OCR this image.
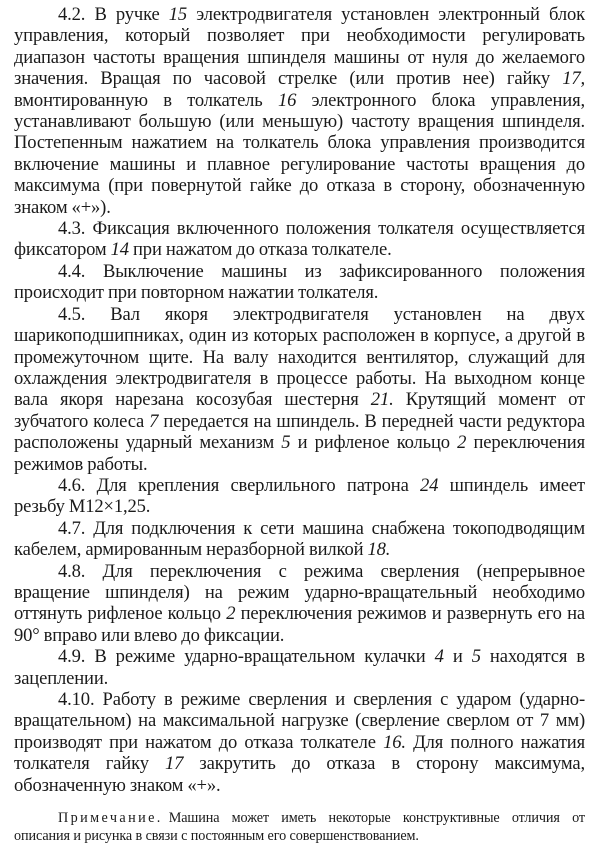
4.2. В ручке 15 электродвигателя установлен электронный блок управления, который позволяет при необходимости регулировать диапазон частоты вращения шпинделя машины от нуля до желаемого значения. Вращая по часовой стрелке (или против нее) гайку 17, вмонтированную в толкатель 16 электронного блока управления, устанавливают большую (или меньшую) частоту вращения шпинделя. Постепенным нажатием на толкатель блока управления производится включение машины и плавное регулирование частоты вращения до максимума (при повернутой гайке до отказа в сторону, обозначенную знаком «+»).

4.3. Фиксация включенного положения толкателя осуществляется фиксатором 14 при нажатом до отказа толкателе.

4.4. Выключение машины из зафиксированного положения происходит при повторном нажатии толкателя.

4.5. Вал якоря электродвигателя установлен на двух шарикоподшипниках, один из которых расположен в корпусе, а другой в промежуточном щите. На валу находится вентилятор, служащий для охлаждения электродвигателя в процессе работы. На выходном конце вала якоря нарезана косозубая шестерня 21. Крутящий момент от зубчатого колеса 7 передается на шпиндель. В передней части редуктора расположены ударный механизм 5 и рифленое кольцо 2 переключения режимов работы.

4.6. Для крепления сверлильного патрона 24 шпиндель имеет резьбу М12×1,25.

4.7. Для подключения к сети машина снабжена токоподводящим кабелем, армированным неразборной вилкой 18.

4.8. Для переключения с режима сверления (непрерывное вращение шпинделя) на режим ударно-вращательный необходимо оттянуть рифленое кольцо 2 переключения режимов и развернуть его на 90° вправо или влево до фиксации.

4.9. В режиме ударно-вращательном кулачки 4 и 5 находятся в зацеплении.

4.10. Работу в режиме сверления и сверления с ударом (ударно-вращательном) на максимальной нагрузке (сверление сверлом от 7 мм) производят при нажатом до отказа толкателе 16. Для полного нажатия толкателя гайку 17 закрутить до отказа в сторону максимума, обозначенную знаком «+».

Примечание. Машина может иметь некоторые конструктивные отличия от описания и рисунка в связи с постоянным его совершенствованием.
